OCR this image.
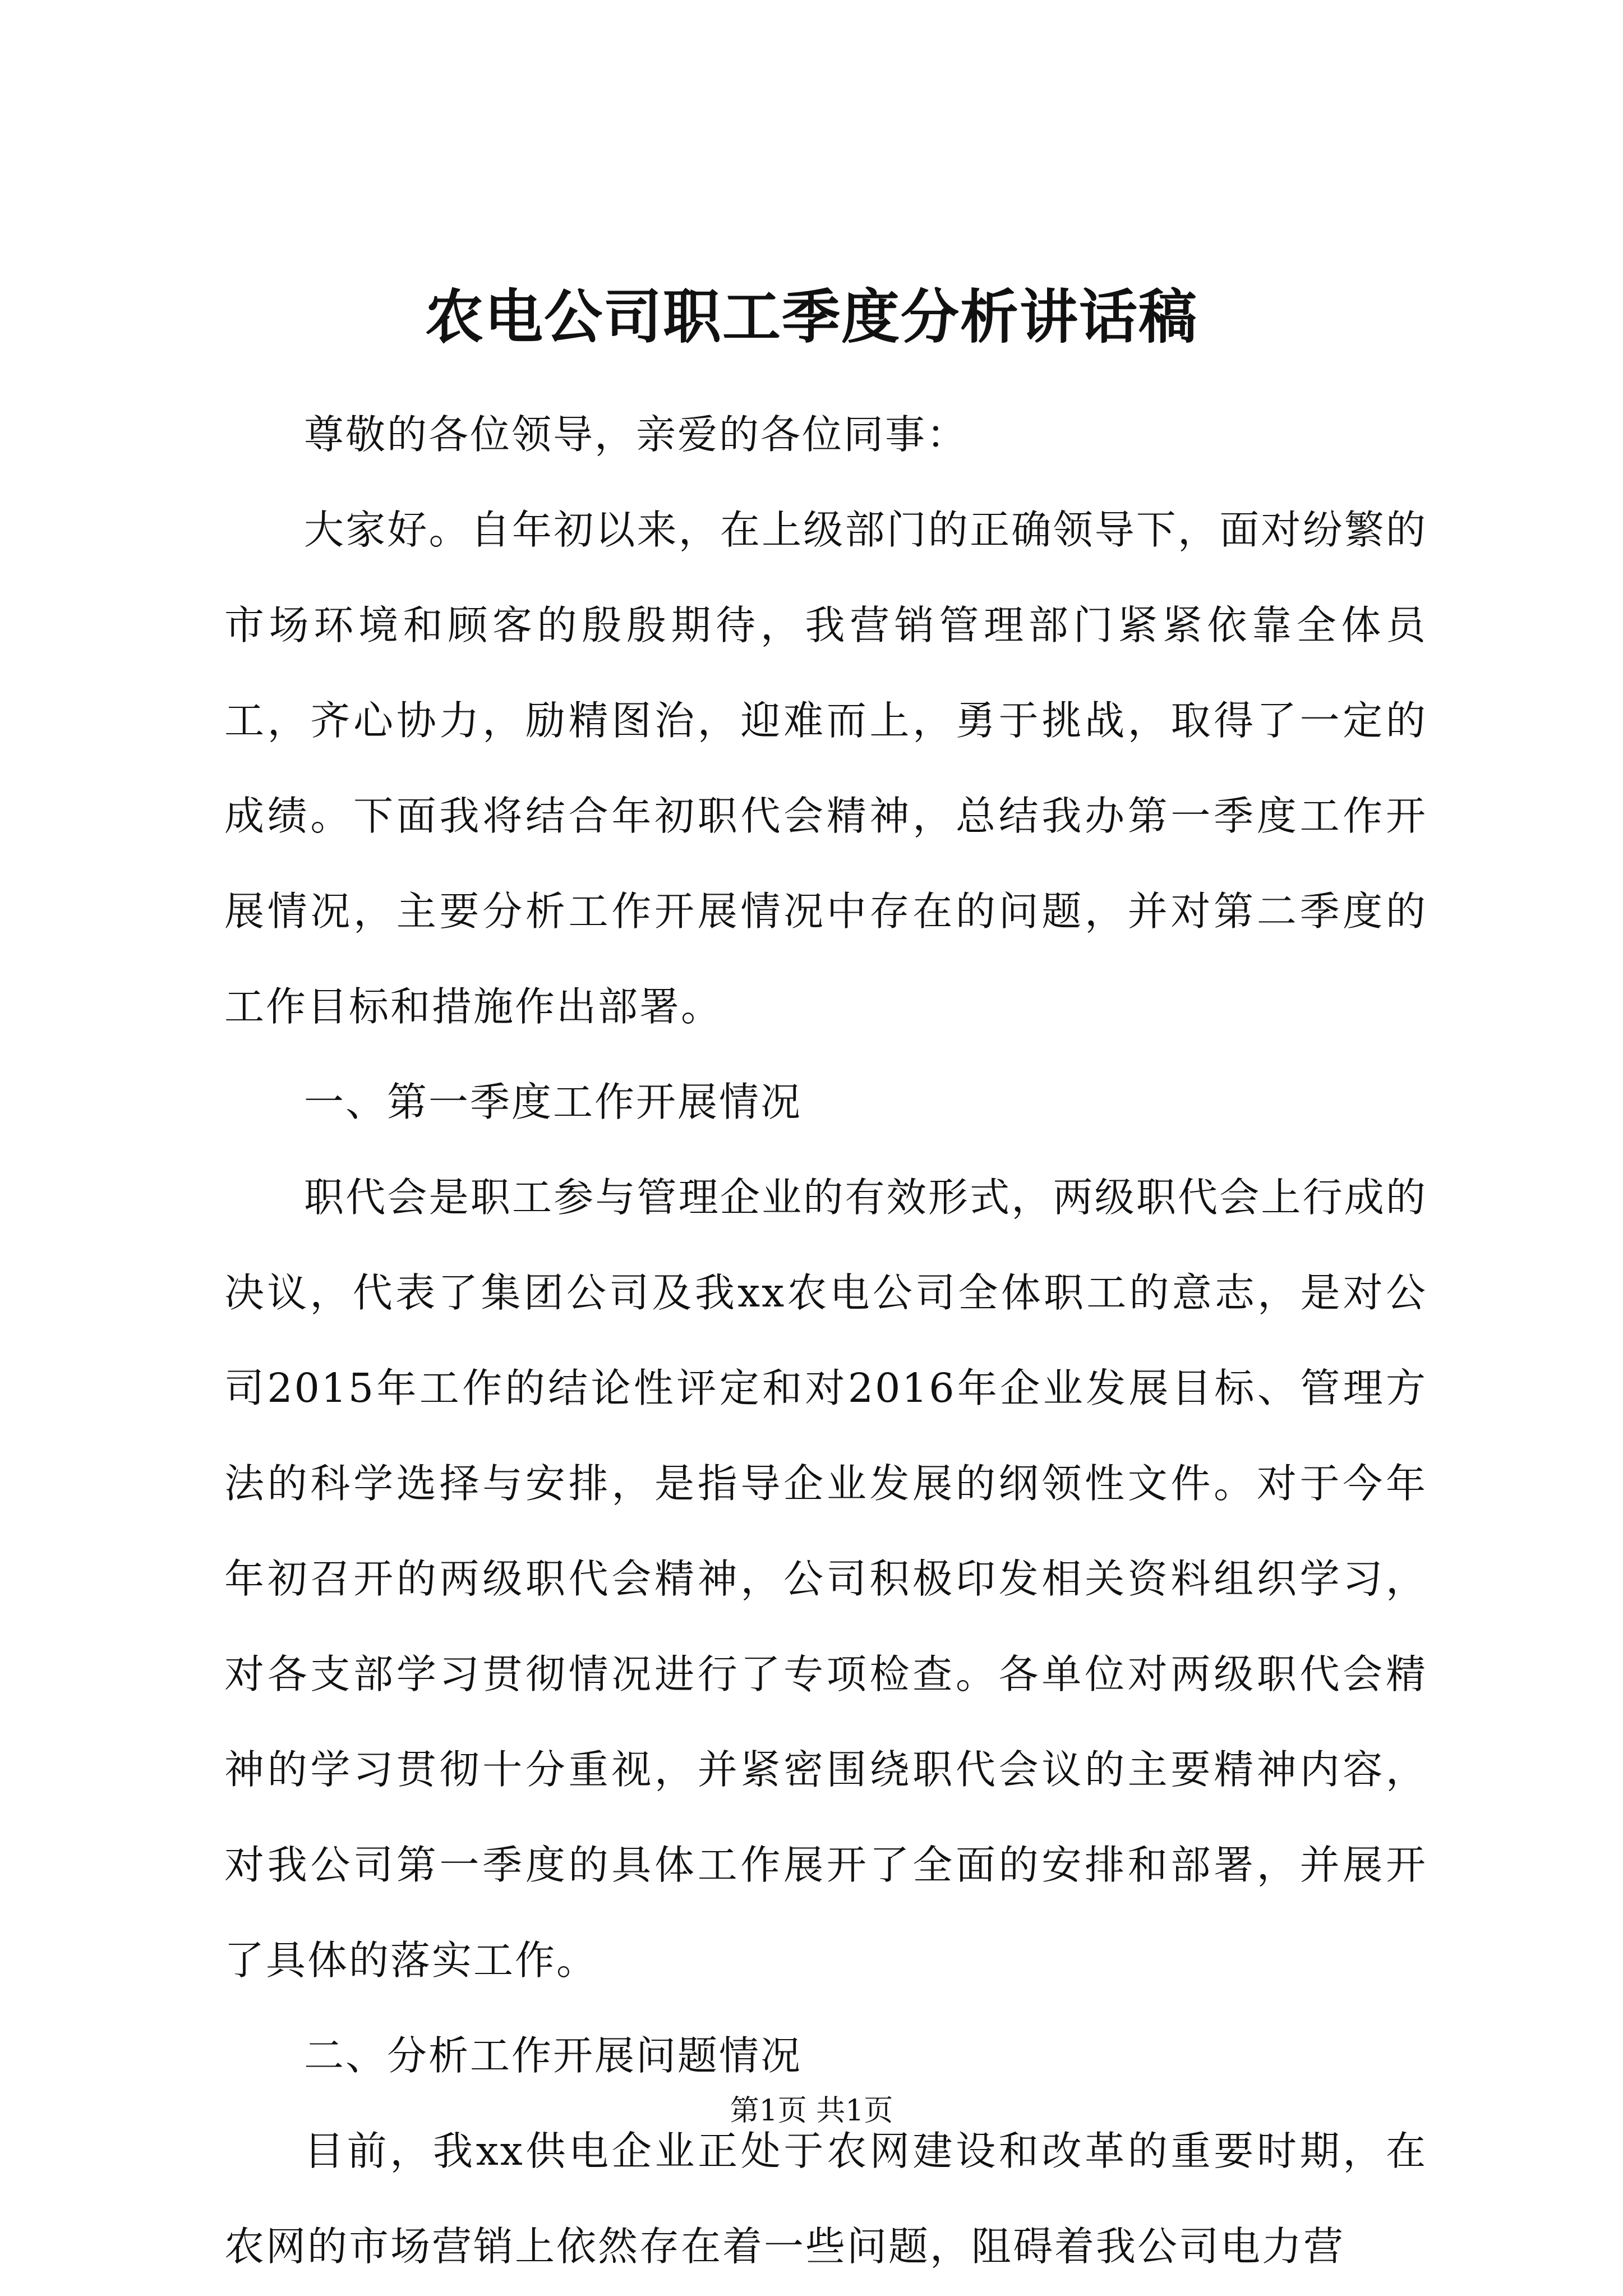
农电公司职工季度分析讲话稿

尊敬的各位领导，亲爱的各位同事：

大家好。自年初以来，在上级部门的正确领导下，面对纷繁的市场环境和顾客的殷殷期待，我营销管理部门紧紧依靠全体员工，齐心协力，励精图治，迎难而上，勇于挑战，取得了一定的成绩。下面我将结合年初职代会精神，总结我办第一季度工作开展情况，主要分析工作开展情况中存在的问题，并对第二季度的工作目标和措施作出部署。

一、第一季度工作开展情况

职代会是职工参与管理企业的有效形式，两级职代会上行成的决议，代表了集团公司及我xx农电公司全体职工的意志，是对公司2015年工作的结论性评定和对2016年企业发展目标、管理方法的科学选择与安排，是指导企业发展的纲领性文件。对于今年年初召开的两级职代会精神，公司积极印发相关资料组织学习，对各支部学习贯彻情况进行了专项检查。各单位对两级职代会精神的学习贯彻十分重视，并紧密围绕职代会议的主要精神内容，对我公司第一季度的具体工作展开了全面的安排和部署，并展开了具体的落实工作。

二、分析工作开展问题情况

目前，我xx供电企业正处于农网建设和改革的重要时期，在农网的市场营销上依然存在着一些问题，阻碍着我公司电力营

第1页 共1页
